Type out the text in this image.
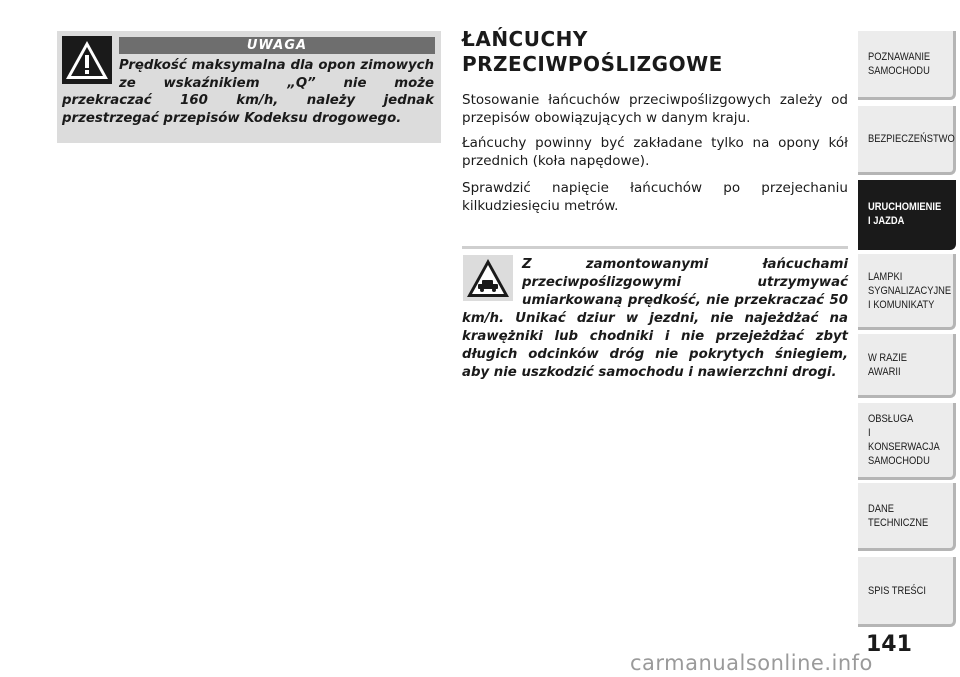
UWAGA
Prędkość maksymalna dla opon zimowych ze wskaźnikiem „Q” nie może przekraczać 160 km/h, należy jednak przestrzegać przepisów Kodeksu drogowego.
ŁAŃCUCHY
PRZECIWPOŚLIZGOWE
Stosowanie łańcuchów przeciwpoślizgowych zależy od przepisów obowiązujących w danym kraju.
Łańcuchy powinny być zakładane tylko na opony kół przednich (koła napędowe).
Sprawdzić napięcie łańcuchów po przejechaniu kilkudziesięciu metrów.
Z zamontowanymi łańcuchami przeciwpoślizgowymi utrzymywać umiarkowaną prędkość, nie przekraczać 50 km/h. Unikać dziur w jezdni, nie najeżdżać na krawężniki lub chodniki i nie przejeżdżać zbyt długich odcinków dróg nie pokrytych śniegiem, aby nie uszkodzić samochodu i nawierzchni drogi.
POZNAWANIE
SAMOCHODU
BEZPIECZEŃSTWO
URUCHOMIENIE
I JAZDA
LAMPKI
SYGNALIZACYJNE
I KOMUNIKATY
W RAZIE AWARII
OBSŁUGA
I KONSERWACJA
SAMOCHODU
DANE
TECHNICZNE
SPIS TREŚCI
141
carmanualsonline.info
